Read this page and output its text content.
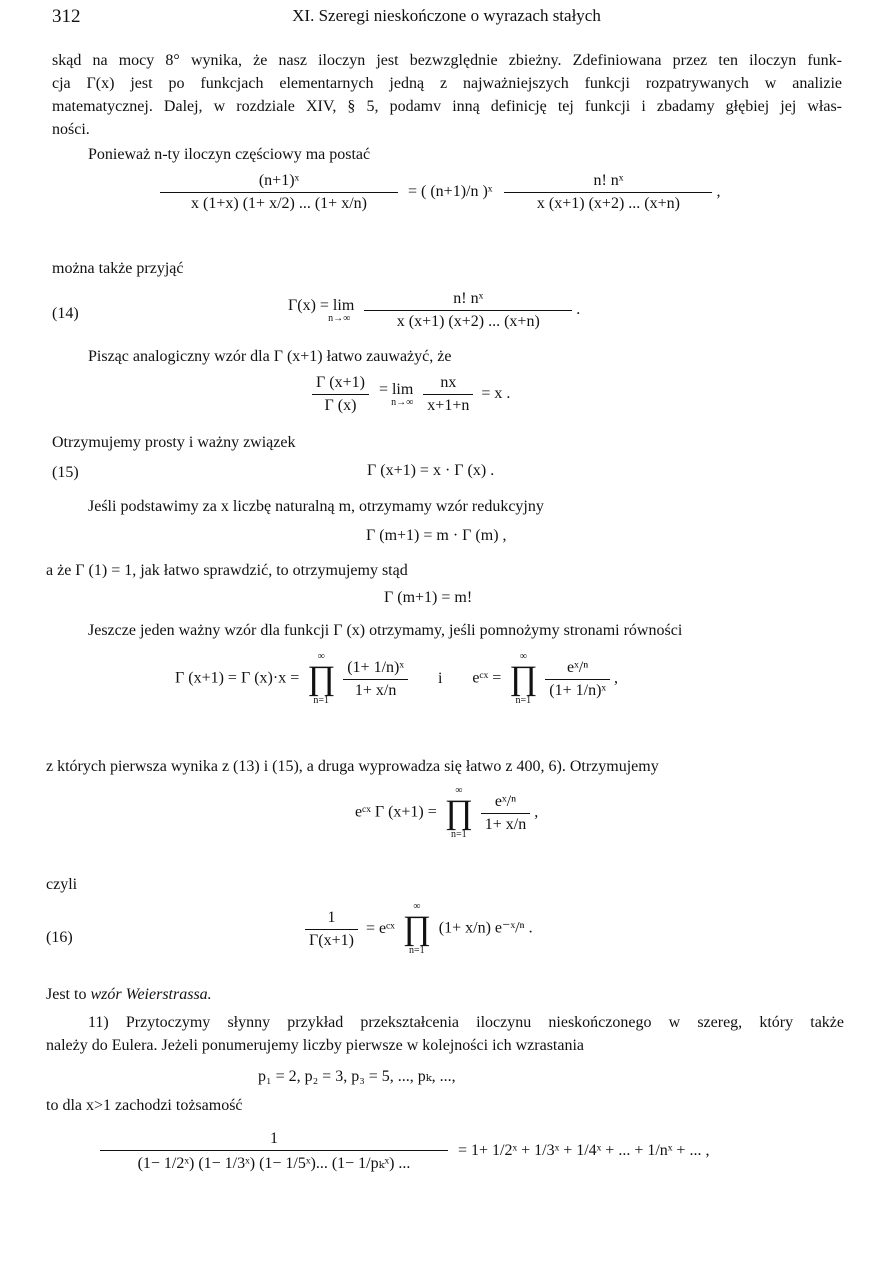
312	XI. Szeregi nieskończone o wyrazach stałych
skąd na mocy 8° wynika, że nasz iloczyn jest bezwzględnie zbieżny. Zdefiniowana przez ten iloczyn funk-
cja Γ(x) jest po funkcjach elementarnych jedną z najważniejszych funkcji rozpatrywanych w analizie
matematycznej. Dalej, w rozdziale XIV, § 5, podamv inną definicję tej funkcji i zbadamy głębiej jej włas-
ności.
Ponieważ n-ty iloczyn częściowy ma postać
$\frac{\text{(n+1)ˣ}}{x (1+x) (1+ x/2) ... (1+ x/n)}$ = ( (n+1)/n )ˣ $\frac{\text{n! nˣ}}{x (x+1) (x+2) ... (x+n)}$ ,
można także przyjąć
(14)	Γ(x) = lim
n→∞
$\frac{\text{n! nˣ}}{x (x+1) (x+2) ... (x+n)}$ .
Pisząc analogiczny wzór dla Γ (x+1) łatwo zauważyć, że
$\frac{\Gamma (x+1)}{\Gamma (x)}$
= lim
n→∞
$\frac{nx}{x+1+n} = x$ .
Otrzymujemy prosty i ważny związek
(15)	Γ (x+1) = x · Γ (x) .
Jeśli podstawimy za x liczbę naturalną m, otrzymamy wzór redukcyjny
Γ (m+1) = m · Γ (m) ,
a że Γ (1) = 1, jak łatwo sprawdzić, to otrzymujemy stąd
Γ (m+1) = m!
Jeszcze jeden ważny wzór dla funkcji Γ (x) otrzymamy, jeśli pomnożymy stronami równości
Γ (x+1) = Γ (x)·x =
∞
∏
n=1

$\frac{\text{(1+ 1/n)ˣ}}{1+ x/n}$ i eᶜˣ =
∞
∏
n=1

$\frac{\text{eˣ/ⁿ}}{\text{(1+ 1/n)ˣ}}$ ,
z których pierwsza wynika z (13) i (15), a druga wyprowadza się łatwo z 400, 6). Otrzymujemy
eᶜˣ Γ (x+1) =
∞
∏
n=1

$\frac{\text{eˣ/ⁿ}}{1+ x/n}$ ,
czyli
(16)	$\frac{1}{\Gamma(x+1)}$ = eᶜˣ
∞
∏
n=1
(1+ x/n) e⁻ˣ/ⁿ .
Jest to wzór Weierstrassa.
11) Przytoczymy słynny przykład przekształcenia iloczynu nieskończonego w szereg, który także
należy do Eulera. Jeżeli ponumerujemy liczby pierwsze w kolejności ich wzrastania
p₁ = 2, p₂ = 3, p₃ = 5, ..., pₖ, ...,
to dla x>1 zachodzi tożsamość
$\frac{1}{\text{(1− 1/2ˣ) (1− 1/3ˣ) (1− 1/5ˣ)... (1− 1/pₖˣ) ...}} = 1+$ 1/2ˣ + 1/3ˣ + 1/4ˣ + ... + 1/nˣ + ... ,
